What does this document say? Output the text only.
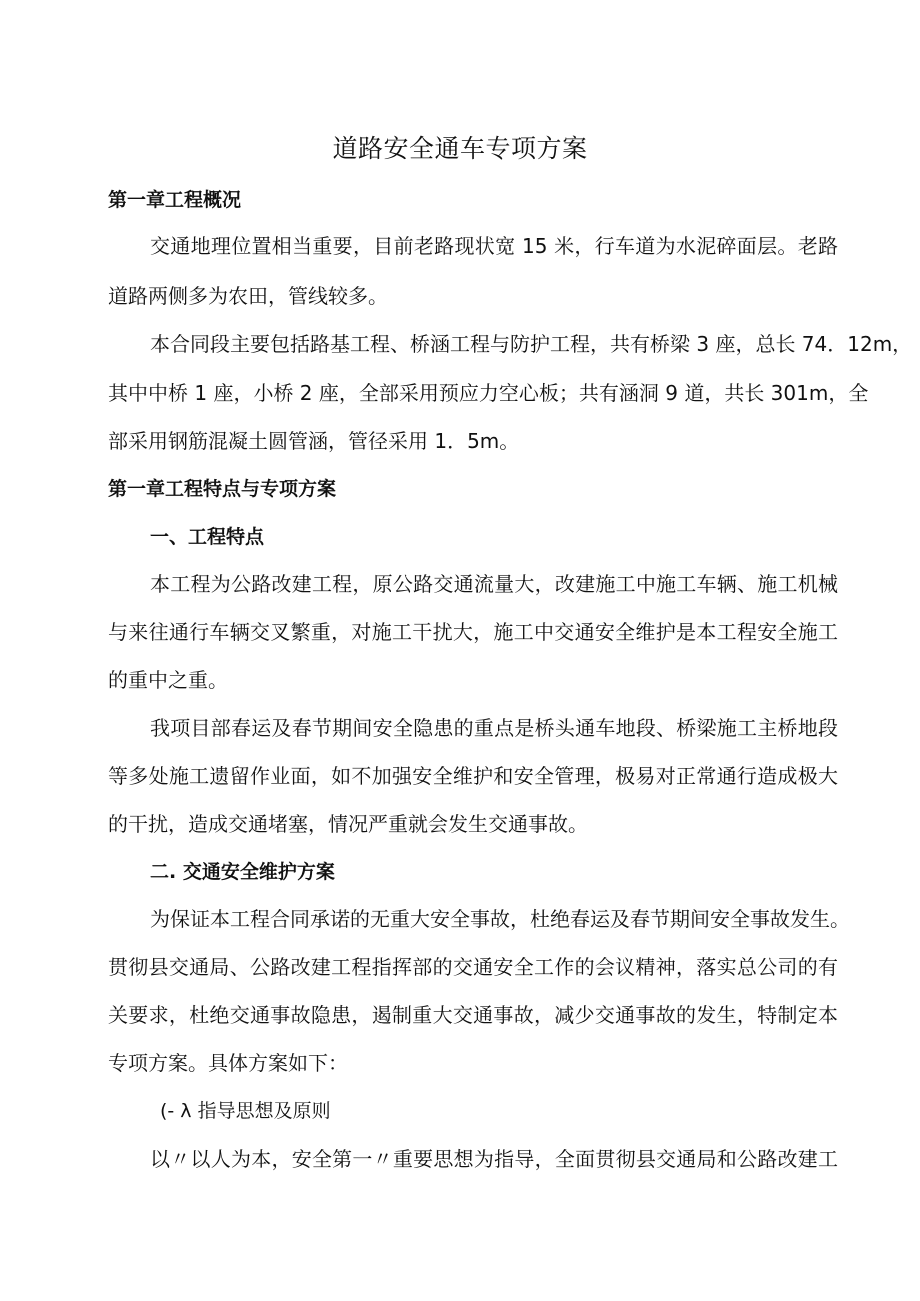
道路安全通车专项方案
第一章工程概况
交通地理位置相当重要，目前老路现状宽 15 米，行车道为水泥碎面层。老路
道路两侧多为农田，管线较多。
本合同段主要包括路基工程、桥涵工程与防护工程，共有桥梁 3 座，总长 74．12m，
其中中桥 1 座，小桥 2 座，全部采用预应力空心板；共有涵洞 9 道，共长 301m，全
部采用钢筋混凝土圆管涵，管径采用 1．5m。
第一章工程特点与专项方案
一、工程特点
本工程为公路改建工程，原公路交通流量大，改建施工中施工车辆、施工机械
与来往通行车辆交叉繁重，对施工干扰大，施工中交通安全维护是本工程安全施工
的重中之重。
我项目部春运及春节期间安全隐患的重点是桥头通车地段、桥梁施工主桥地段
等多处施工遗留作业面，如不加强安全维护和安全管理，极易对正常通行造成极大
的干扰，造成交通堵塞，情况严重就会发生交通事故。
二. 交通安全维护方案
为保证本工程合同承诺的无重大安全事故，杜绝春运及春节期间安全事故发生。
贯彻县交通局、公路改建工程指挥部的交通安全工作的会议精神，落实总公司的有
关要求，杜绝交通事故隐患，遏制重大交通事故，减少交通事故的发生，特制定本
专项方案。具体方案如下：
(- λ 指导思想及原则
以〃以人为本，安全第一〃重要思想为指导，全面贯彻县交通局和公路改建工
